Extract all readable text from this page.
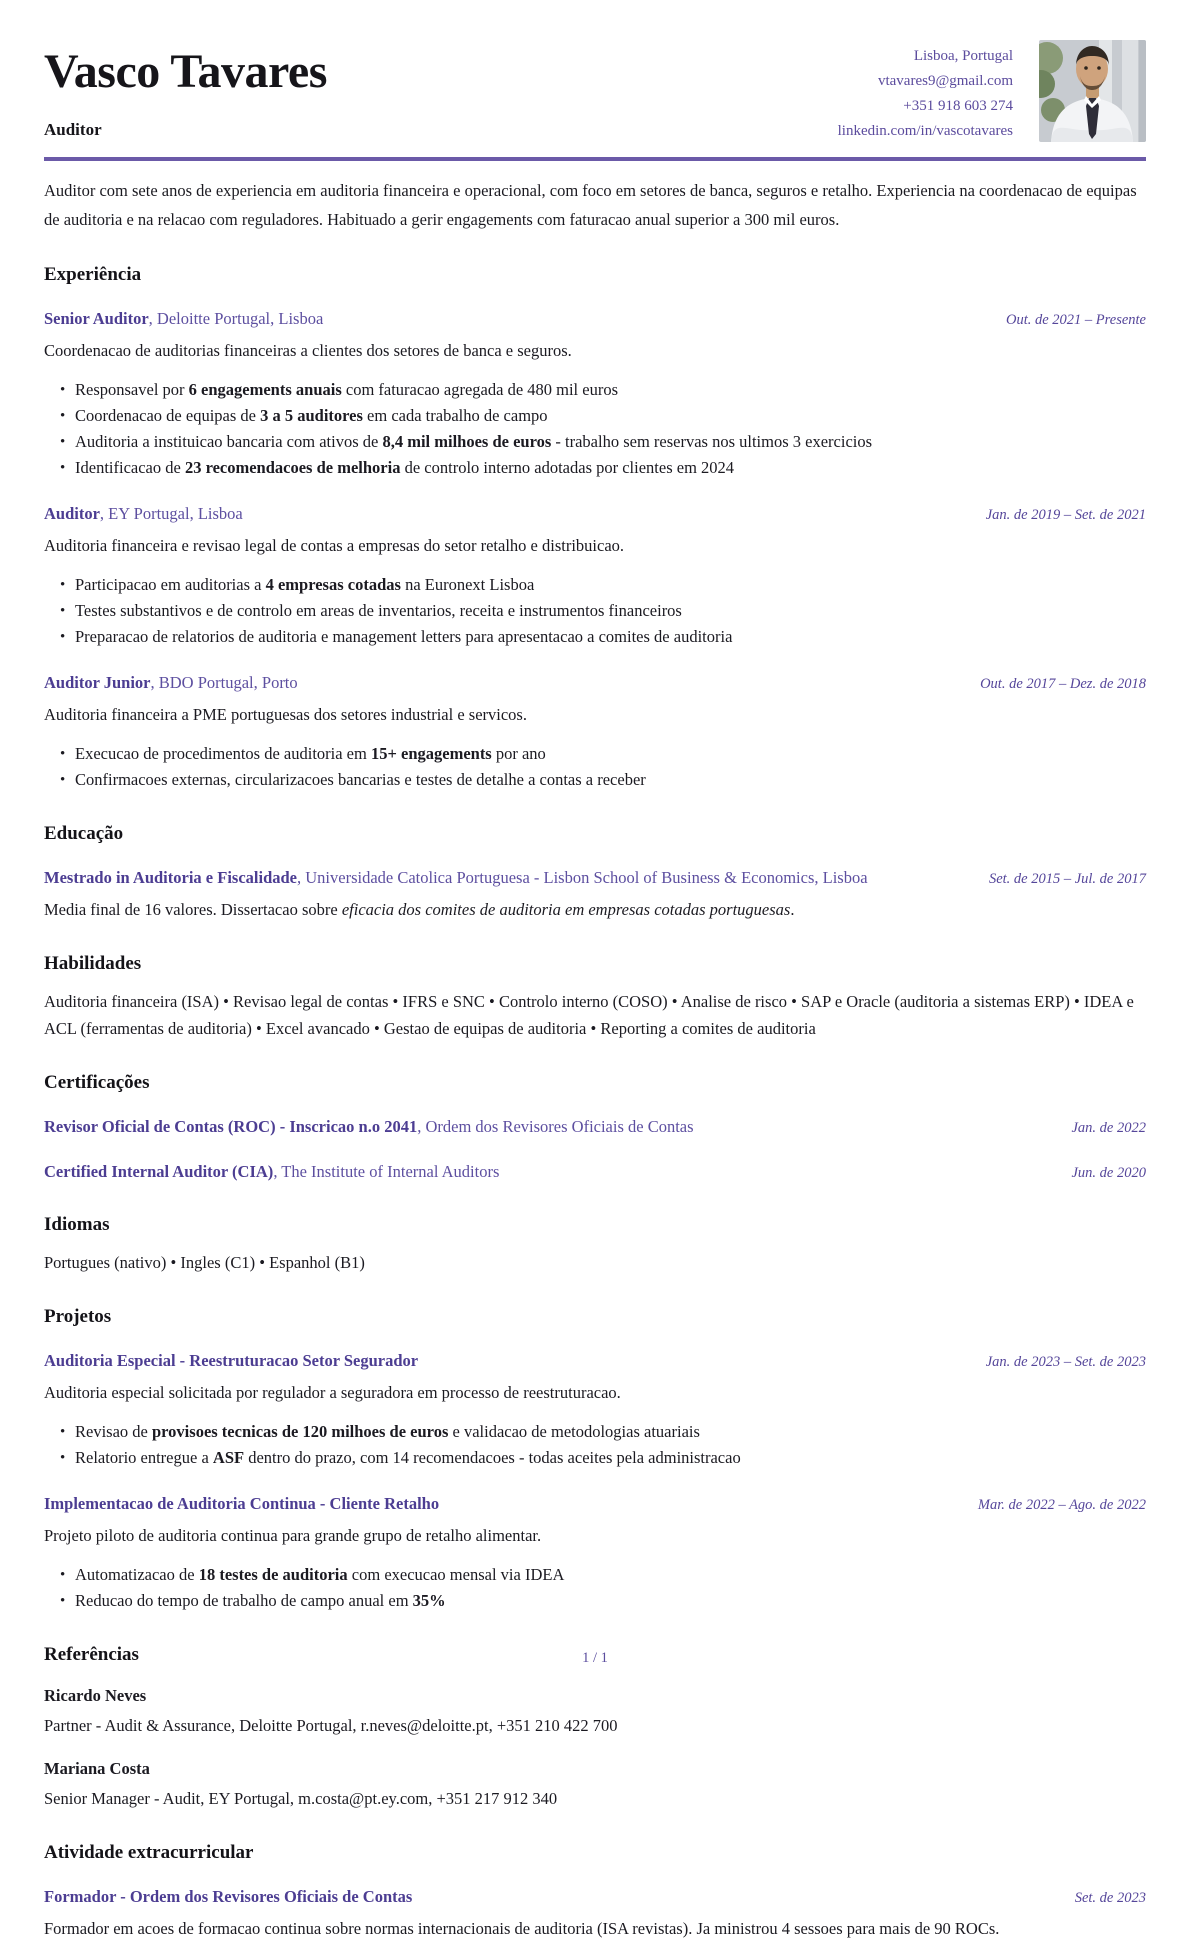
Vasco Tavares
Auditor
Lisboa, Portugal
vtavares9@gmail.com
+351 918 603 274
linkedin.com/in/vascotavares
Auditor com sete anos de experiencia em auditoria financeira e operacional, com foco em setores de banca, seguros e retalho. Experiencia na coordenacao de equipas de auditoria e na relacao com reguladores. Habituado a gerir engagements com faturacao anual superior a 300 mil euros.
Experiência
Senior Auditor, Deloitte Portugal, Lisboa	Out. de 2021 – Presente
Coordenacao de auditorias financeiras a clientes dos setores de banca e seguros.
• Responsavel por 6 engagements anuais com faturacao agregada de 480 mil euros
• Coordenacao de equipas de 3 a 5 auditores em cada trabalho de campo
• Auditoria a instituicao bancaria com ativos de 8,4 mil milhoes de euros - trabalho sem reservas nos ultimos 3 exercicios
• Identificacao de 23 recomendacoes de melhoria de controlo interno adotadas por clientes em 2024
Auditor, EY Portugal, Lisboa	Jan. de 2019 – Set. de 2021
Auditoria financeira e revisao legal de contas a empresas do setor retalho e distribuicao.
• Participacao em auditorias a 4 empresas cotadas na Euronext Lisboa
• Testes substantivos e de controlo em areas de inventarios, receita e instrumentos financeiros
• Preparacao de relatorios de auditoria e management letters para apresentacao a comites de auditoria
Auditor Junior, BDO Portugal, Porto	Out. de 2017 – Dez. de 2018
Auditoria financeira a PME portuguesas dos setores industrial e servicos.
• Execucao de procedimentos de auditoria em 15+ engagements por ano
• Confirmacoes externas, circularizacoes bancarias e testes de detalhe a contas a receber
Educação
Mestrado in Auditoria e Fiscalidade, Universidade Catolica Portuguesa - Lisbon School of Business & Economics, Lisboa	Set. de 2015 – Jul. de 2017
Media final de 16 valores. Dissertacao sobre eficacia dos comites de auditoria em empresas cotadas portuguesas.
Habilidades
Auditoria financeira (ISA) • Revisao legal de contas • IFRS e SNC • Controlo interno (COSO) • Analise de risco • SAP e Oracle (auditoria a sistemas ERP) • IDEA e ACL (ferramentas de auditoria) • Excel avancado • Gestao de equipas de auditoria • Reporting a comites de auditoria
Certificações
Revisor Oficial de Contas (ROC) - Inscricao n.o 2041, Ordem dos Revisores Oficiais de Contas	Jan. de 2022
Certified Internal Auditor (CIA), The Institute of Internal Auditors	Jun. de 2020
Idiomas
Portugues (nativo) • Ingles (C1) • Espanhol (B1)
Projetos
Auditoria Especial - Reestruturacao Setor Segurador	Jan. de 2023 – Set. de 2023
Auditoria especial solicitada por regulador a seguradora em processo de reestruturacao.
• Revisao de provisoes tecnicas de 120 milhoes de euros e validacao de metodologias atuariais
• Relatorio entregue a ASF dentro do prazo, com 14 recomendacoes - todas aceites pela administracao
Implementacao de Auditoria Continua - Cliente Retalho	Mar. de 2022 – Ago. de 2022
Projeto piloto de auditoria continua para grande grupo de retalho alimentar.
• Automatizacao de 18 testes de auditoria com execucao mensal via IDEA
• Reducao do tempo de trabalho de campo anual em 35%
Referências
Ricardo Neves
Partner - Audit & Assurance, Deloitte Portugal, r.neves@deloitte.pt, +351 210 422 700
Mariana Costa
Senior Manager - Audit, EY Portugal, m.costa@pt.ey.com, +351 217 912 340
Atividade extracurricular
Formador - Ordem dos Revisores Oficiais de Contas	Set. de 2023
Formador em acoes de formacao continua sobre normas internacionais de auditoria (ISA revistas). Ja ministrou 4 sessoes para mais de 90 ROCs.
1 / 1
